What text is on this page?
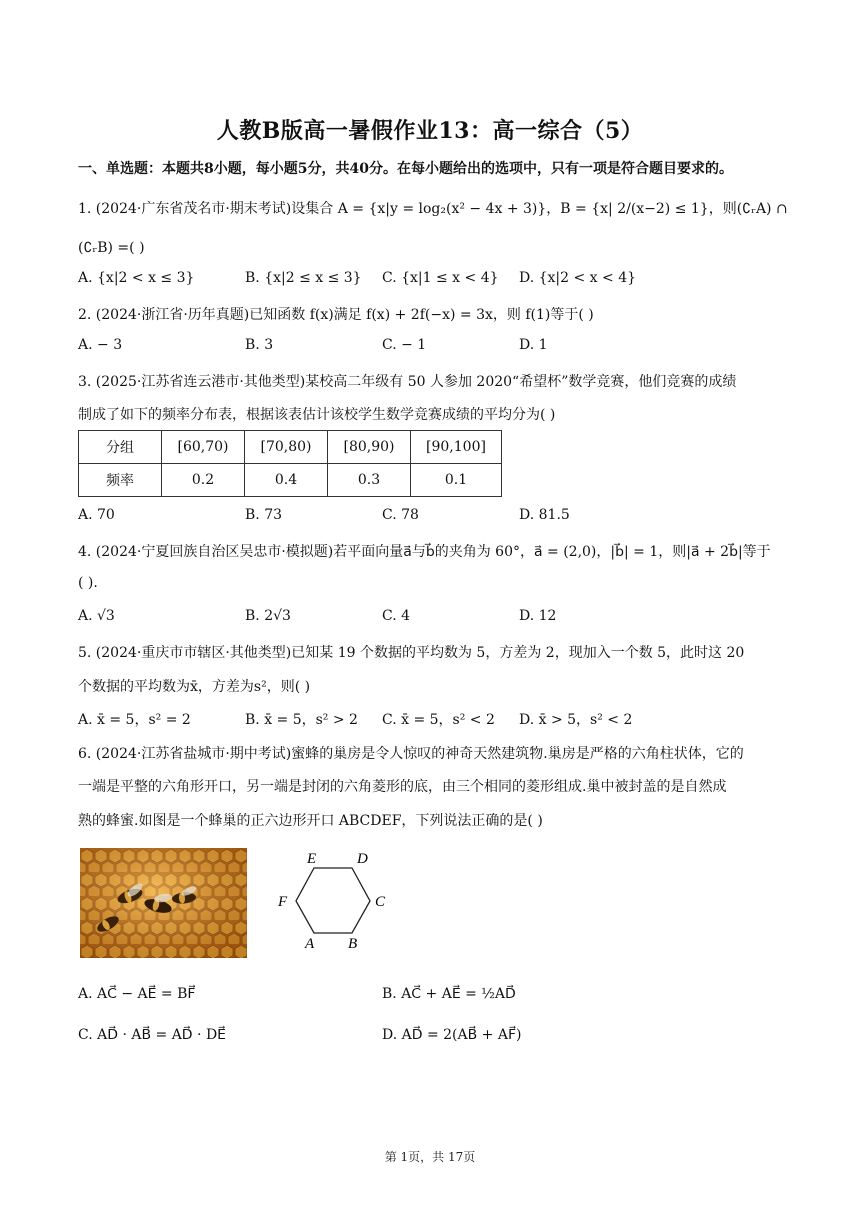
人教B版高一暑假作业13：高一综合（5）
一、单选题：本题共8小题，每小题5分，共40分。在每小题给出的选项中，只有一项是符合题目要求的。
1. (2024·广东省茂名市·期末考试)设集合 A = {x|y = log₂(x² − 4x + 3)}，B = {x| 2/(x−2) ≤ 1}，则(∁ᵣA) ∩
(∁ᵣB) =( )
A. {x|2 < x ≤ 3}	B. {x|2 ≤ x ≤ 3} C. {x|1 ≤ x < 4} D. {x|2 < x < 4}
2. (2024·浙江省·历年真题)已知函数 f(x)满足 f(x) + 2f(−x) = 3x，则 f(1)等于( )
A. − 3	B. 3	C. − 1	D. 1
3. (2025·江苏省连云港市·其他类型)某校高二年级有 50 人参加 2020“希望杯”数学竞赛，他们竞赛的成绩
制成了如下的频率分布表，根据该表估计该校学生数学竞赛成绩的平均分为( )
分组	[60,70)	[70,80)	[80,90)	[90,100]
频率	0.2	0.4	0.3	0.1
A. 70	B. 73	C. 78	D. 81.5
4. (2024·宁夏回族自治区吴忠市·模拟题)若平面向量a⃗与b⃗的夹角为 60°，a⃗ = (2,0)，|b⃗| = 1，则|a⃗ + 2b⃗|等于
( ).
A. √3	B. 2√3	C. 4	D. 12
5. (2024·重庆市市辖区·其他类型)已知某 19 个数据的平均数为 5，方差为 2，现加入一个数 5，此时这 20
个数据的平均数为x̄，方差为s²，则( )
A. x̄ = 5，s² = 2	B. x̄ = 5，s² > 2 C. x̄ = 5，s² < 2 D. x̄ > 5，s² < 2
6. (2024·江苏省盐城市·期中考试)蜜蜂的巢房是令人惊叹的神奇天然建筑物.巢房是严格的六角柱状体，它的
一端是平整的六角形开口，另一端是封闭的六角菱形的底，由三个相同的菱形组成.巢中被封盖的是自然成
熟的蜂蜜.如图是一个蜂巢的正六边形开口 ABCDEF，下列说法正确的是( )
A B
C
D
E
F
A. AC⃗ − AE⃗ = BF⃗	B. AC⃗ + AE⃗ = ½AD⃗
C. AD⃗ · AB⃗ = AD⃗ · DE⃗	D. AD⃗ = 2(AB⃗ + AF⃗)
第 1页，共 17页
